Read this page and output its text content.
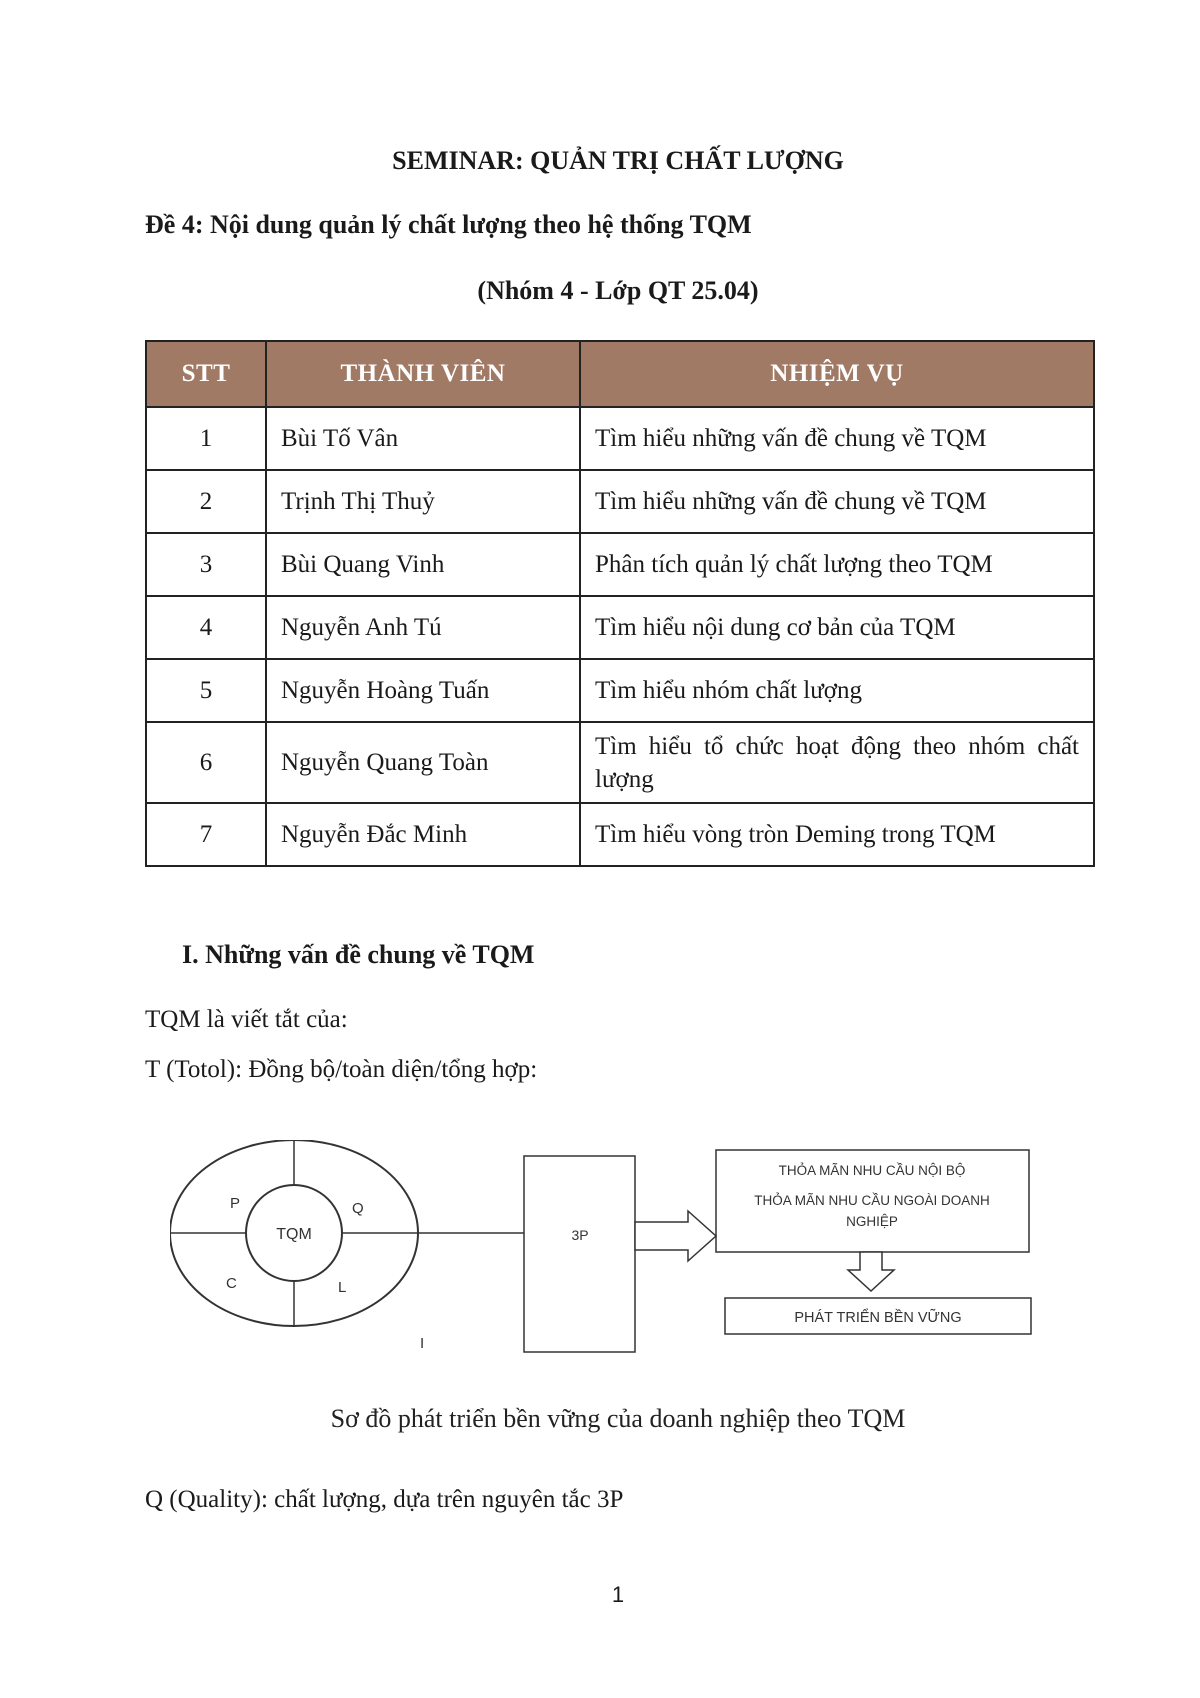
SEMINAR: QUẢN TRỊ CHẤT LƯỢNG
Đề 4: Nội dung quản lý chất lượng theo hệ thống TQM
(Nhóm 4 - Lớp QT 25.04)
STT	THÀNH VIÊN	NHIỆM VỤ
1	Bùi Tố Vân	Tìm hiểu những vấn đề chung về TQM
2	Trịnh Thị Thuỷ	Tìm hiểu những vấn đề chung về TQM
3	Bùi Quang Vinh	Phân tích quản lý chất lượng theo TQM
4	Nguyễn Anh Tú	Tìm hiểu nội dung cơ bản của TQM
5	Nguyễn Hoàng Tuấn	Tìm hiểu nhóm chất lượng
6	Nguyễn Quang Toàn	Tìm hiểu tổ chức hoạt động theo nhóm chất lượng
7	Nguyễn Đắc Minh	Tìm hiểu vòng tròn Deming trong TQM
I. Những vấn đề chung về TQM
TQM là viết tắt của:
T (Totol): Đồng bộ/toàn diện/tổng hợp:
TQM
P	Q
C	L
I
3P
THỎA MÃN NHU CẦU NỘI BỘ
THỎA MÃN NHU CẦU NGOÀI DOANH
NGHIỆP
PHÁT TRIỂN BỀN VỮNG
Sơ đồ phát triển bền vững của doanh nghiệp theo TQM
Q (Quality): chất lượng, dựa trên nguyên tắc 3P
1
